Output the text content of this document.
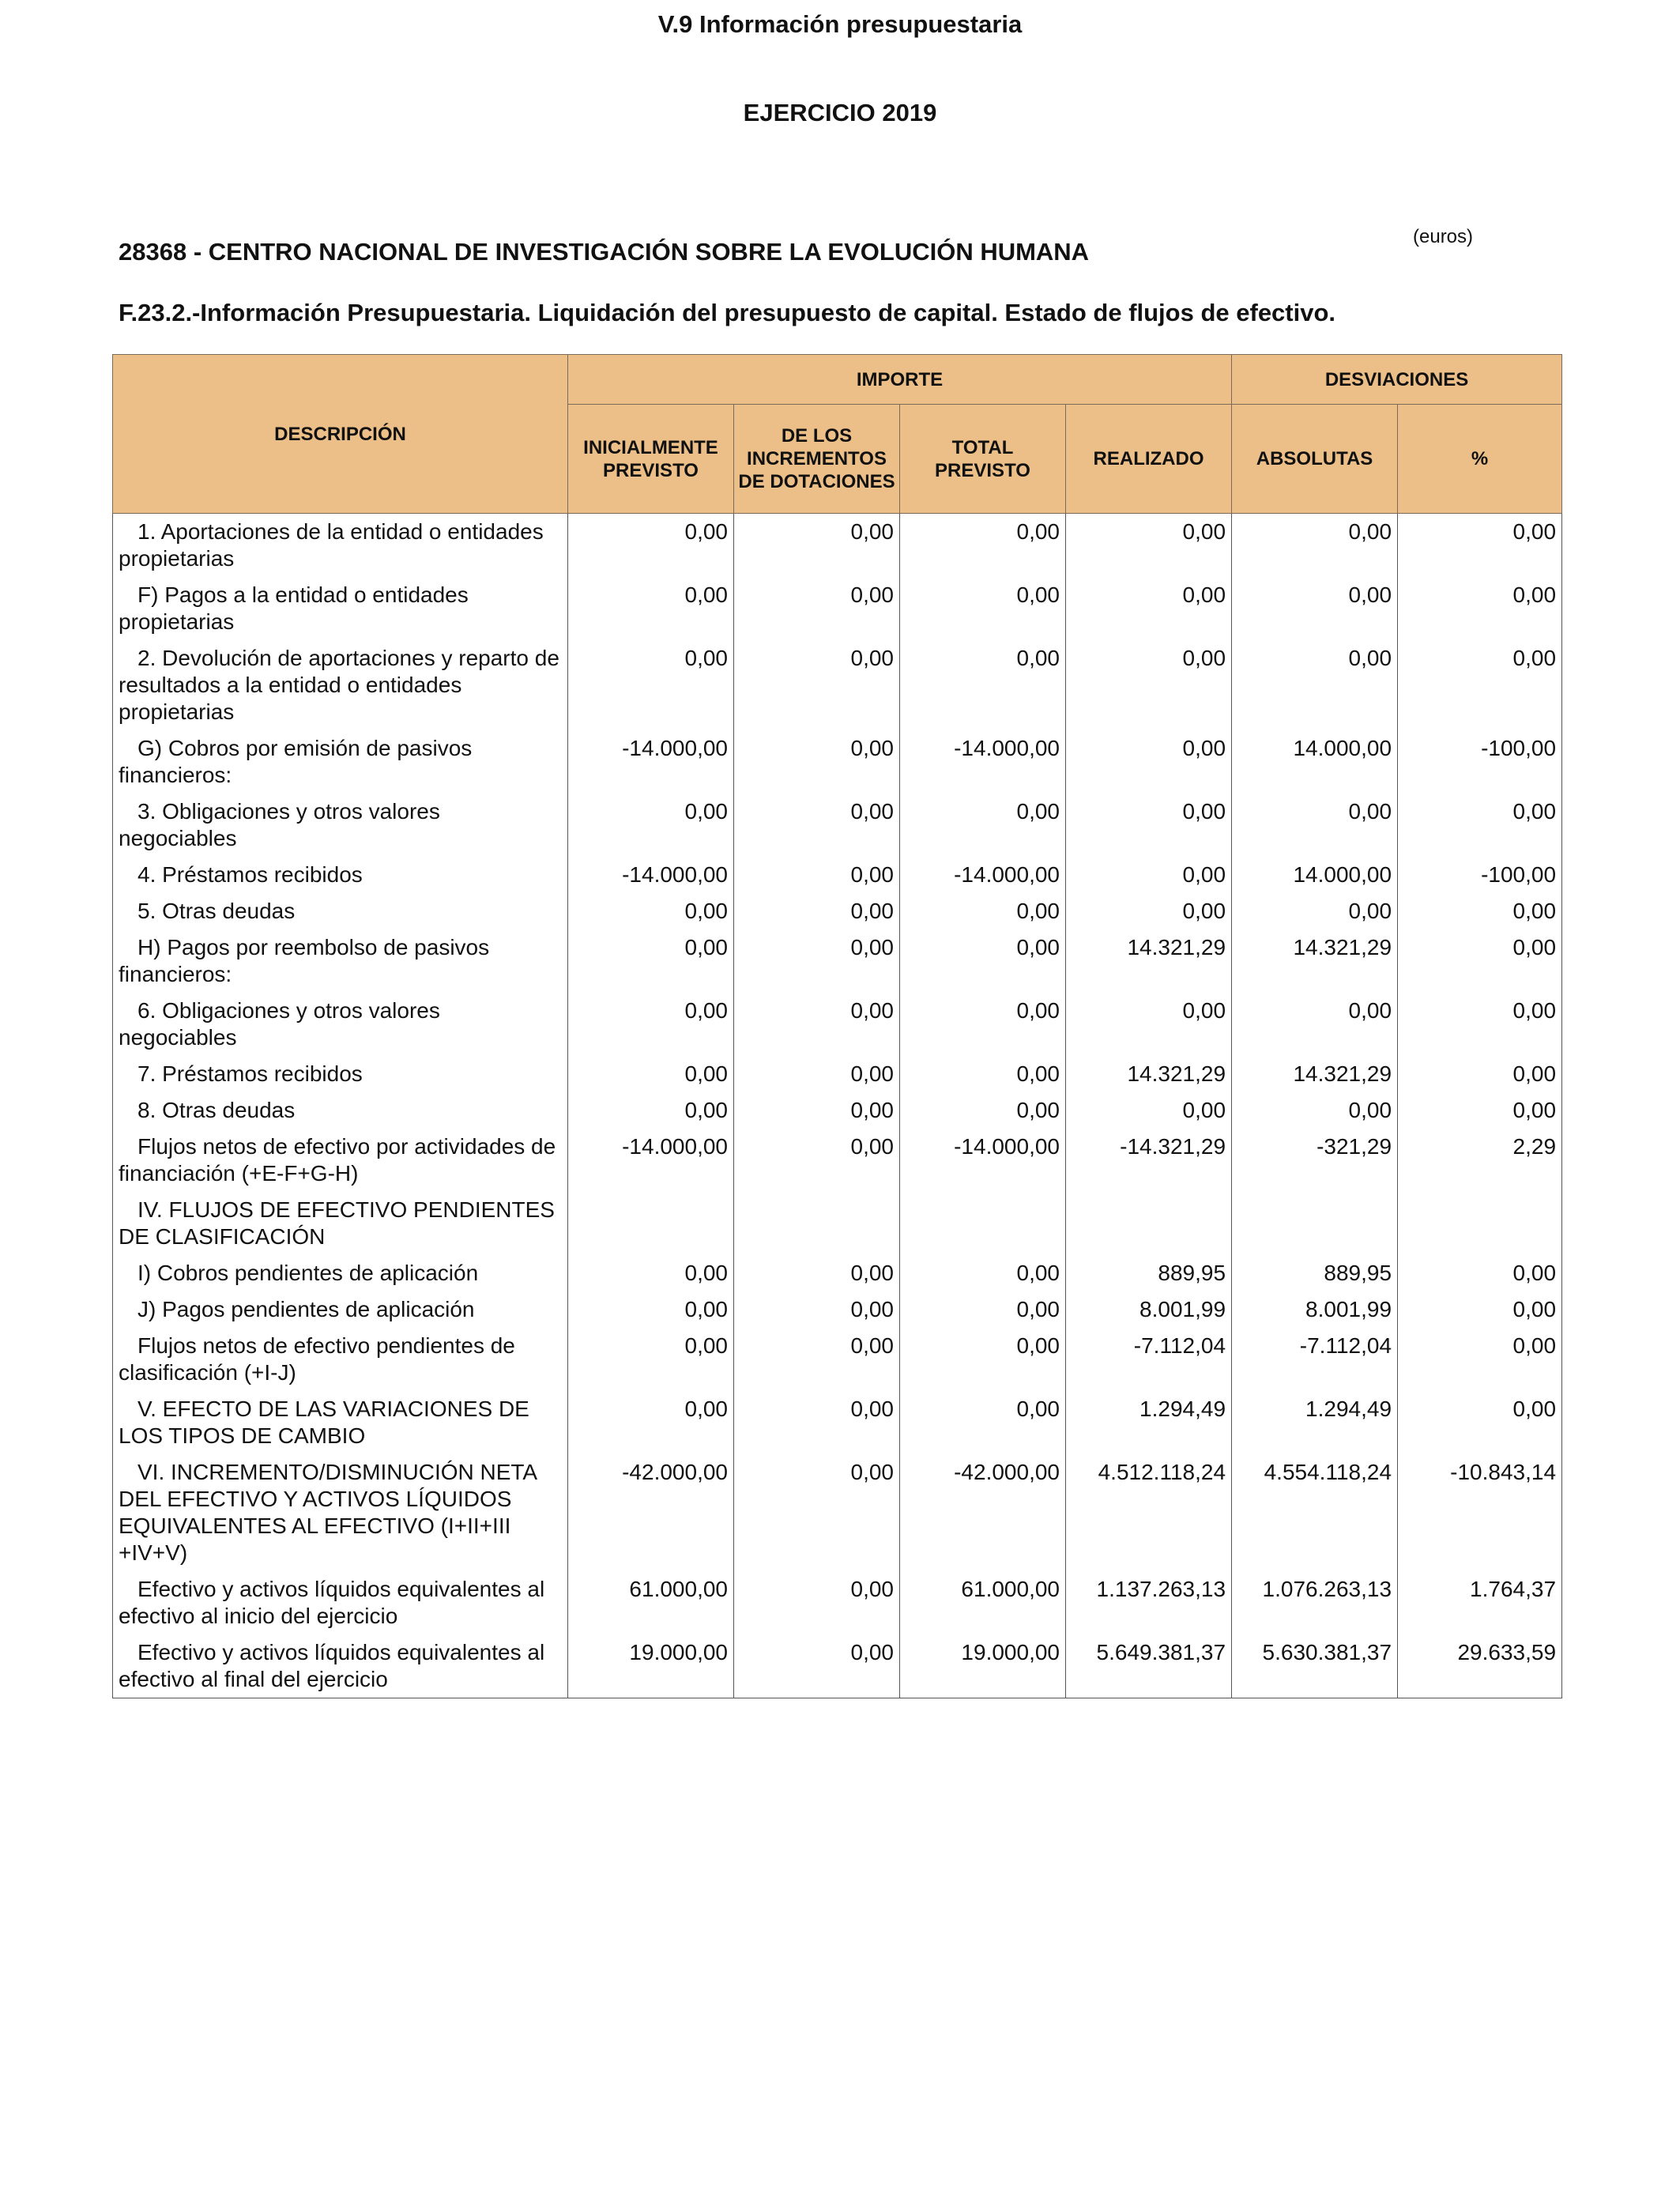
V.9 Información presupuestaria
EJERCICIO 2019
(euros)
28368 - CENTRO NACIONAL DE INVESTIGACIÓN SOBRE LA EVOLUCIÓN HUMANA
F.23.2.-Información Presupuestaria. Liquidación del presupuesto de capital. Estado de flujos de efectivo.
DESCRIPCIÓN	IMPORTE				DESVIACIONES	
	INICIALMENTE PREVISTO	DE LOS INCREMENTOS DE DOTACIONES	TOTAL PREVISTO	REALIZADO	ABSOLUTAS	%
1. Aportaciones de la entidad o entidades propietarias	0,00	0,00	0,00	0,00	0,00	0,00
F) Pagos a la entidad o entidades propietarias	0,00	0,00	0,00	0,00	0,00	0,00
2. Devolución de aportaciones y reparto de resultados a la entidad o entidades propietarias	0,00	0,00	0,00	0,00	0,00	0,00
G) Cobros por emisión de pasivos financieros:	-14.000,00	0,00	-14.000,00	0,00	14.000,00	-100,00
3. Obligaciones y otros valores negociables	0,00	0,00	0,00	0,00	0,00	0,00
4. Préstamos recibidos	-14.000,00	0,00	-14.000,00	0,00	14.000,00	-100,00
5. Otras deudas	0,00	0,00	0,00	0,00	0,00	0,00
H) Pagos por reembolso de pasivos financieros:	0,00	0,00	0,00	14.321,29	14.321,29	0,00
6. Obligaciones y otros valores negociables	0,00	0,00	0,00	0,00	0,00	0,00
7. Préstamos recibidos	0,00	0,00	0,00	14.321,29	14.321,29	0,00
8. Otras deudas	0,00	0,00	0,00	0,00	0,00	0,00
Flujos netos de efectivo por actividades de financiación (+E-F+G-H)	-14.000,00	0,00	-14.000,00	-14.321,29	-321,29	2,29
IV. FLUJOS DE EFECTIVO PENDIENTES DE CLASIFICACIÓN						
I) Cobros pendientes de aplicación	0,00	0,00	0,00	889,95	889,95	0,00
J) Pagos pendientes de aplicación	0,00	0,00	0,00	8.001,99	8.001,99	0,00
Flujos netos de efectivo pendientes de clasificación (+I-J)	0,00	0,00	0,00	-7.112,04	-7.112,04	0,00
V. EFECTO DE LAS VARIACIONES DE LOS TIPOS DE CAMBIO	0,00	0,00	0,00	1.294,49	1.294,49	0,00
VI. INCREMENTO/DISMINUCIÓN NETA DEL EFECTIVO Y ACTIVOS LÍQUIDOS EQUIVALENTES AL EFECTIVO (I+II+III +IV+V)	-42.000,00	0,00	-42.000,00	4.512.118,24	4.554.118,24	-10.843,14
Efectivo y activos líquidos equivalentes al efectivo al inicio del ejercicio	61.000,00	0,00	61.000,00	1.137.263,13	1.076.263,13	1.764,37
Efectivo y activos líquidos equivalentes al efectivo al final del ejercicio	19.000,00	0,00	19.000,00	5.649.381,37	5.630.381,37	29.633,59
